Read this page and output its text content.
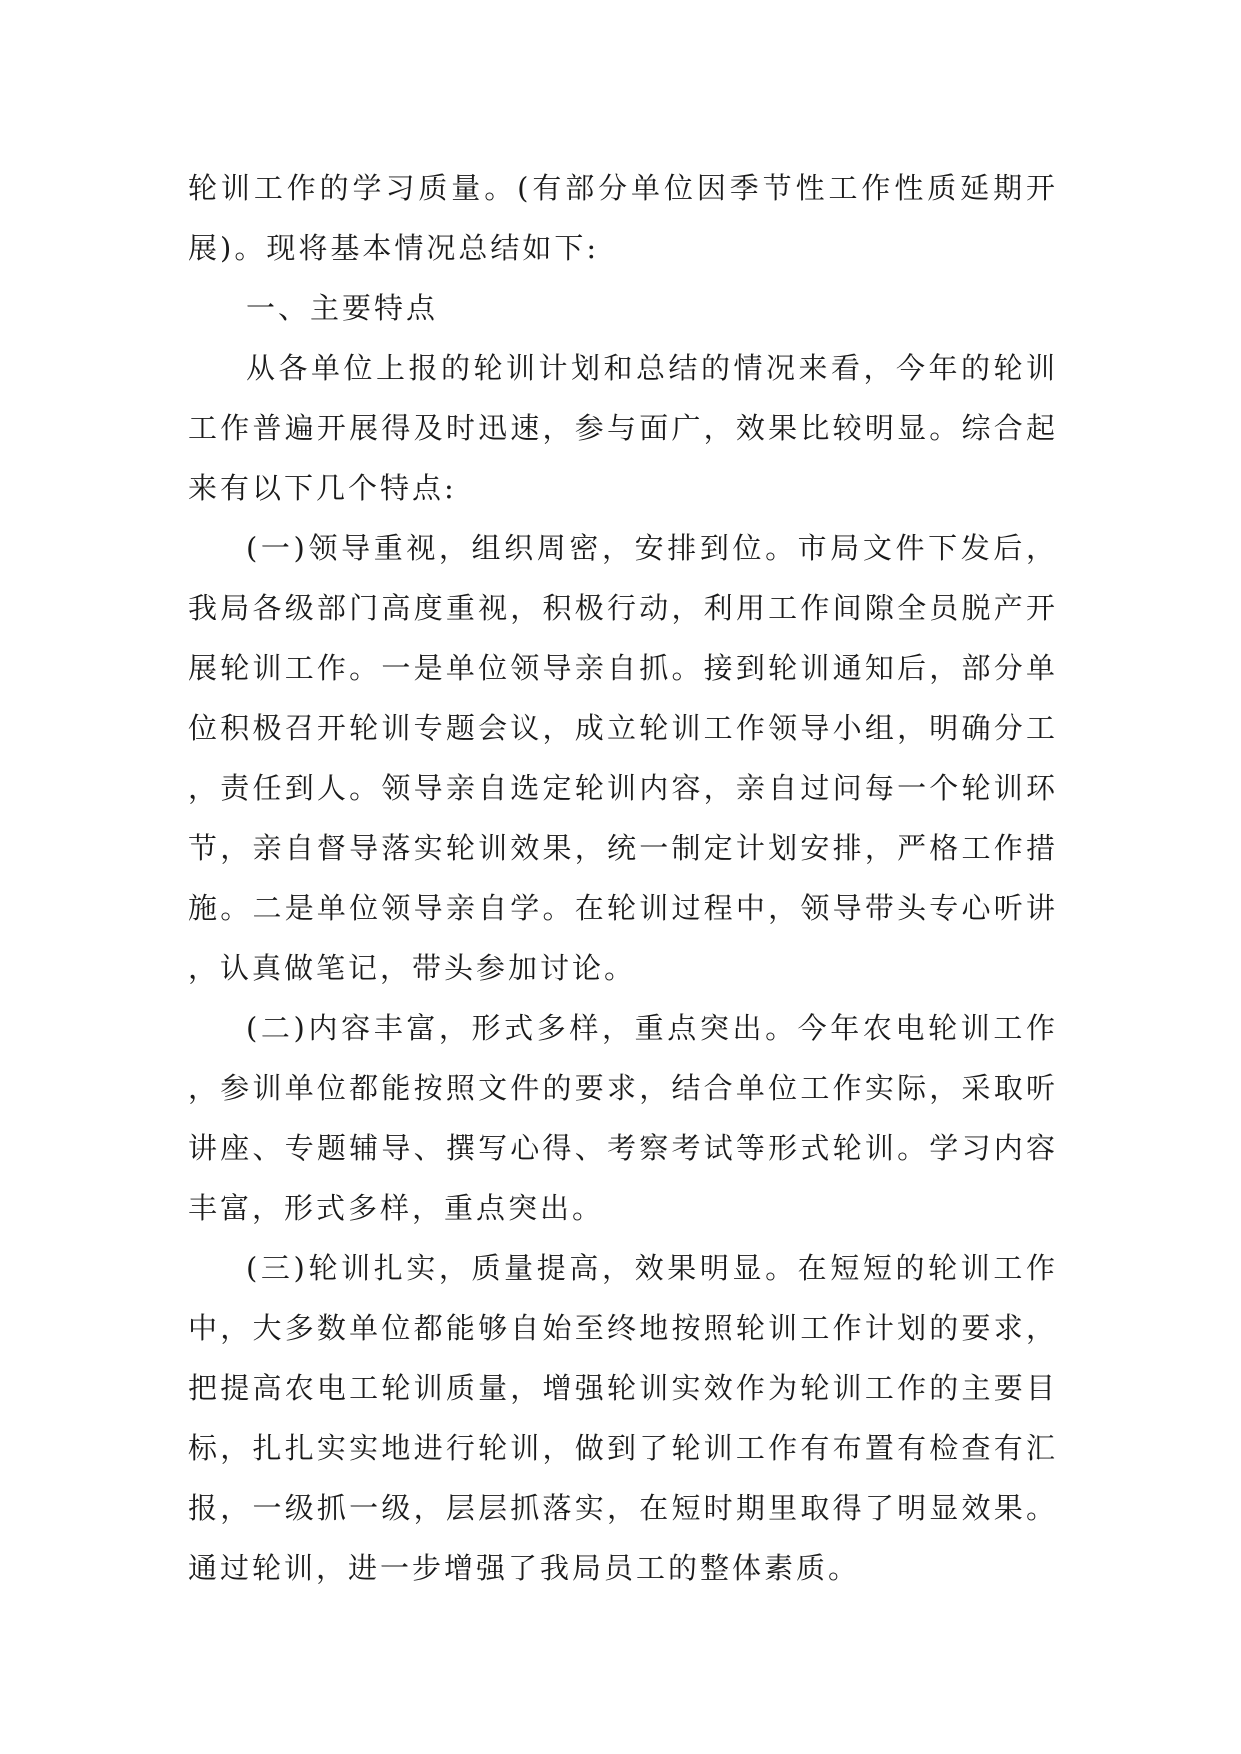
轮训工作的学习质量。(有部分单位因季节性工作性质延期开展)。现将基本情况总结如下:

一、主要特点

从各单位上报的轮训计划和总结的情况来看，今年的轮训工作普遍开展得及时迅速，参与面广，效果比较明显。综合起来有以下几个特点:

(一)领导重视，组织周密，安排到位。市局文件下发后，我局各级部门高度重视，积极行动，利用工作间隙全员脱产开展轮训工作。一是单位领导亲自抓。接到轮训通知后，部分单位积极召开轮训专题会议，成立轮训工作领导小组，明确分工，责任到人。领导亲自选定轮训内容，亲自过问每一个轮训环节，亲自督导落实轮训效果，统一制定计划安排，严格工作措施。二是单位领导亲自学。在轮训过程中，领导带头专心听讲，认真做笔记，带头参加讨论。

(二)内容丰富，形式多样，重点突出。今年农电轮训工作，参训单位都能按照文件的要求，结合单位工作实际，采取听讲座、专题辅导、撰写心得、考察考试等形式轮训。学习内容丰富，形式多样，重点突出。

(三)轮训扎实，质量提高，效果明显。在短短的轮训工作中，大多数单位都能够自始至终地按照轮训工作计划的要求，把提高农电工轮训质量，增强轮训实效作为轮训工作的主要目标，扎扎实实地进行轮训，做到了轮训工作有布置有检查有汇报，一级抓一级，层层抓落实，在短时期里取得了明显效果。通过轮训，进一步增强了我局员工的整体素质。
